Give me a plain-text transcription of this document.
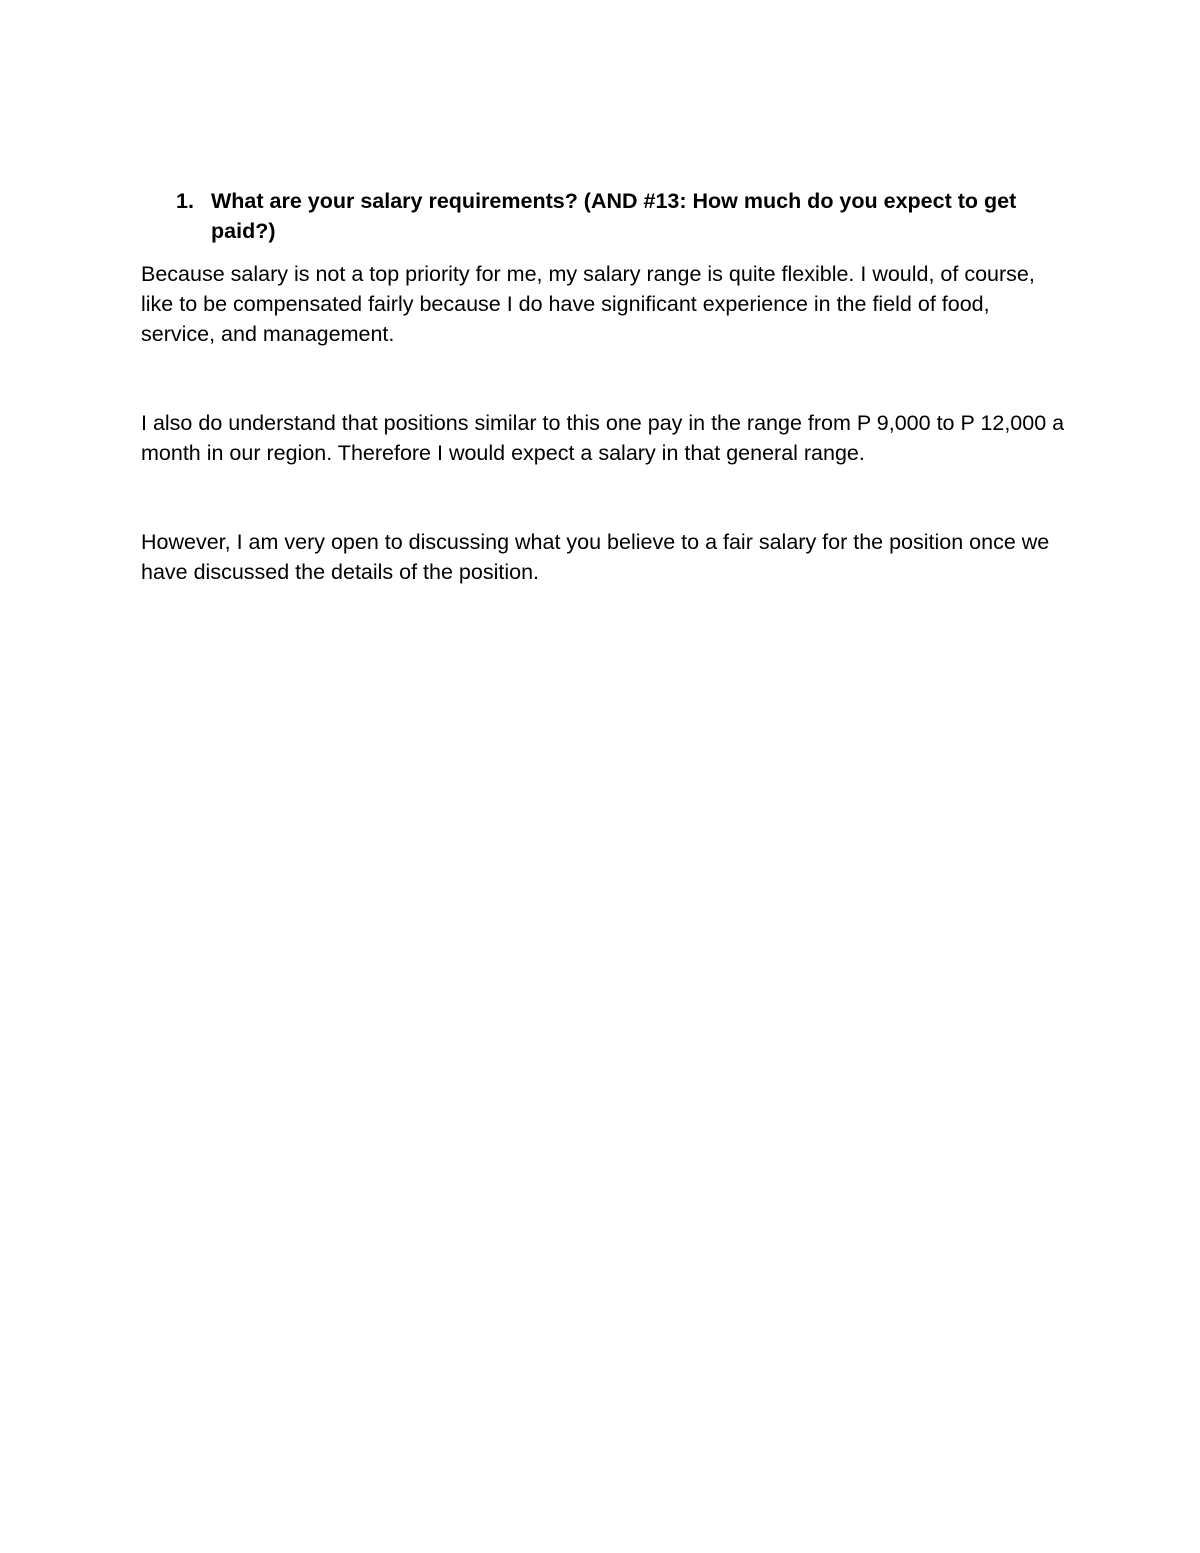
1. What are your salary requirements? (AND #13: How much do you expect to get paid?)

Because salary is not a top priority for me, my salary range is quite flexible. I would, of course, like to be compensated fairly because I do have significant experience in the field of food, service, and management.

I also do understand that positions similar to this one pay in the range from P 9,000 to P 12,000 a month in our region. Therefore I would expect a salary in that general range.

However, I am very open to discussing what you believe to a fair salary for the position once we have discussed the details of the position.
